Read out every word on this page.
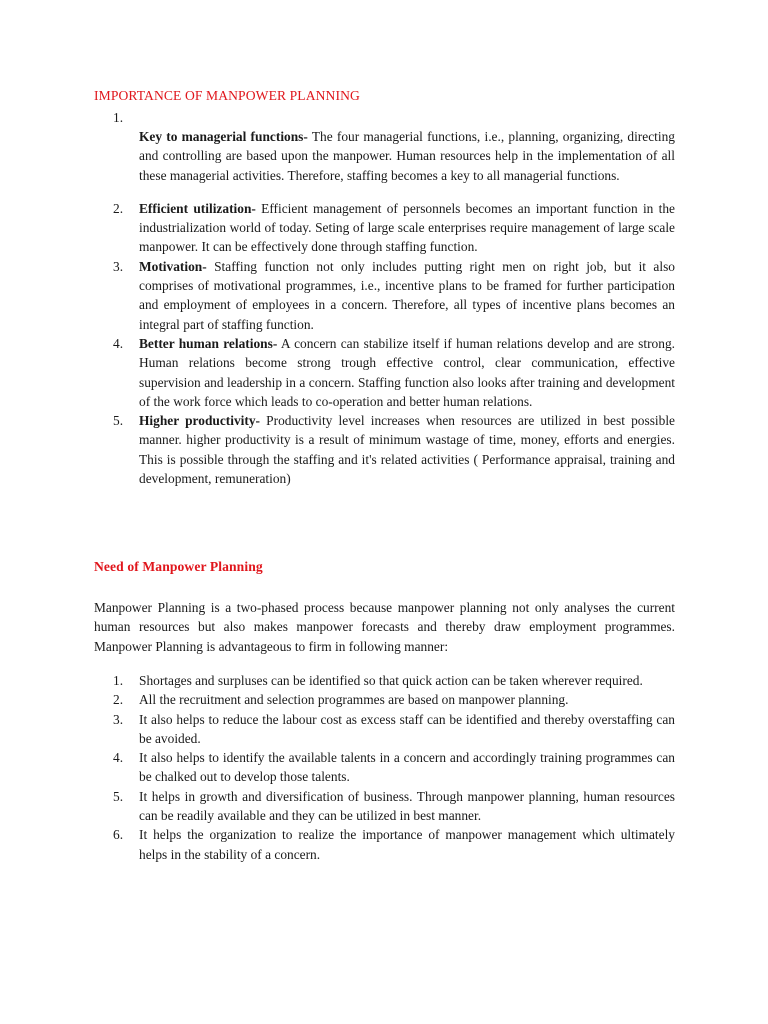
IMPORTANCE OF MANPOWER PLANNING
1.
Key to managerial functions- The four managerial functions, i.e., planning, organizing, directing and controlling are based upon the manpower. Human resources help in the implementation of all these managerial activities. Therefore, staffing becomes a key to all managerial functions.
2. Efficient utilization- Efficient management of personnels becomes an important function in the industrialization world of today. Seting of large scale enterprises require management of large scale manpower. It can be effectively done through staffing function.
3. Motivation- Staffing function not only includes putting right men on right job, but it also comprises of motivational programmes, i.e., incentive plans to be framed for further participation and employment of employees in a concern. Therefore, all types of incentive plans becomes an integral part of staffing function.
4. Better human relations- A concern can stabilize itself if human relations develop and are strong. Human relations become strong trough effective control, clear communication, effective supervision and leadership in a concern. Staffing function also looks after training and development of the work force which leads to co-operation and better human relations.
5. Higher productivity- Productivity level increases when resources are utilized in best possible manner. higher productivity is a result of minimum wastage of time, money, efforts and energies. This is possible through the staffing and it's related activities ( Performance appraisal, training and development, remuneration)
Need of Manpower Planning
Manpower Planning is a two-phased process because manpower planning not only analyses the current human resources but also makes manpower forecasts and thereby draw employment programmes. Manpower Planning is advantageous to firm in following manner:
1. Shortages and surpluses can be identified so that quick action can be taken wherever required.
2. All the recruitment and selection programmes are based on manpower planning.
3. It also helps to reduce the labour cost as excess staff can be identified and thereby overstaffing can be avoided.
4. It also helps to identify the available talents in a concern and accordingly training programmes can be chalked out to develop those talents.
5. It helps in growth and diversification of business. Through manpower planning, human resources can be readily available and they can be utilized in best manner.
6. It helps the organization to realize the importance of manpower management which ultimately helps in the stability of a concern.
